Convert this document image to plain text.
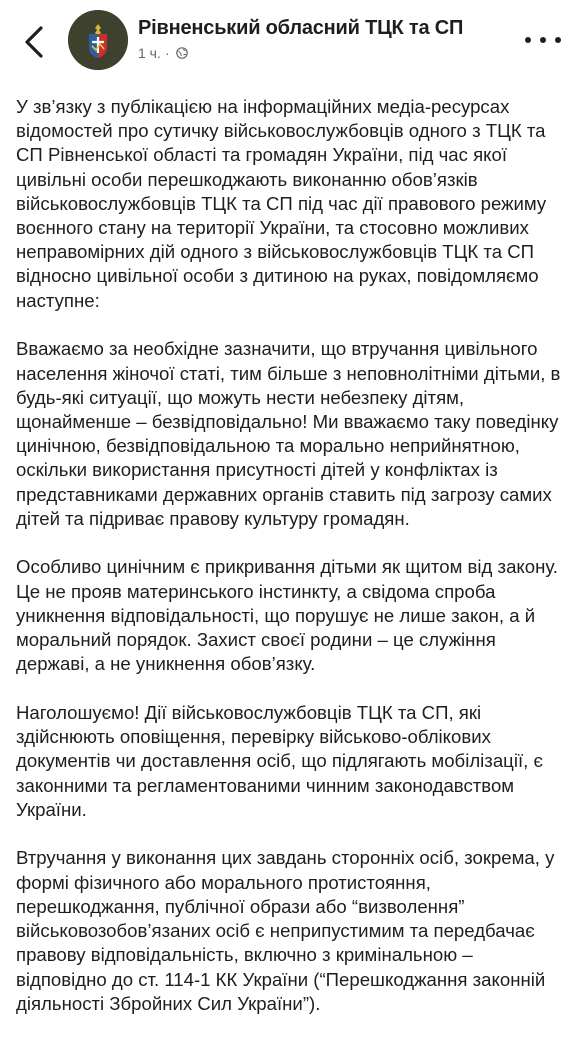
Рівненський обласний ТЦК та СП
1 ч. ·

У зв’язку з публікацією на інформаційних медіа-ресурсах відомостей про сутичку військовослужбовців одного з ТЦК та СП Рівненської області та громадян України, під час якої цивільні особи перешкоджають виконанню обов’язків військовослужбовців ТЦК та СП під час дії правового режиму воєнного стану на території України, та стосовно можливих неправомірних дій одного з військовослужбовців ТЦК та СП відносно цивільної особи з дитиною на руках, повідомляємо наступне:

Вважаємо за необхідне зазначити, що втручання цивільного населення жіночої статі, тим більше з неповнолітніми дітьми, в будь-які ситуації, що можуть нести небезпеку дітям, щонайменше – безвідповідально! Ми вважаємо таку поведінку цинічною, безвідповідальною та морально неприйнятною, оскільки використання присутності дітей у конфліктах із представниками державних органів ставить під загрозу самих дітей та підриває правову культуру громадян.

Особливо цинічним є прикривання дітьми як щитом від закону. Це не прояв материнського інстинкту, а свідома спроба уникнення відповідальності, що порушує не лише закон, а й моральний порядок. Захист своєї родини – це служіння державі, а не уникнення обов’язку.

Наголошуємо! Дії військовослужбовців ТЦК та СП, які здійснюють оповіщення, перевірку військово-облікових документів чи доставлення осіб, що підлягають мобілізації, є законними та регламентованими чинним законодавством України.

Втручання у виконання цих завдань сторонніх осіб, зокрема, у формі фізичного або морального протистояння, перешкоджання, публічної образи або “визволення” військовозобов’язаних осіб є неприпустимим та передбачає правову відповідальність, включно з кримінальною – відповідно до ст. 114-1 КК України (“Перешкоджання законній діяльності Збройних Сил України”).
